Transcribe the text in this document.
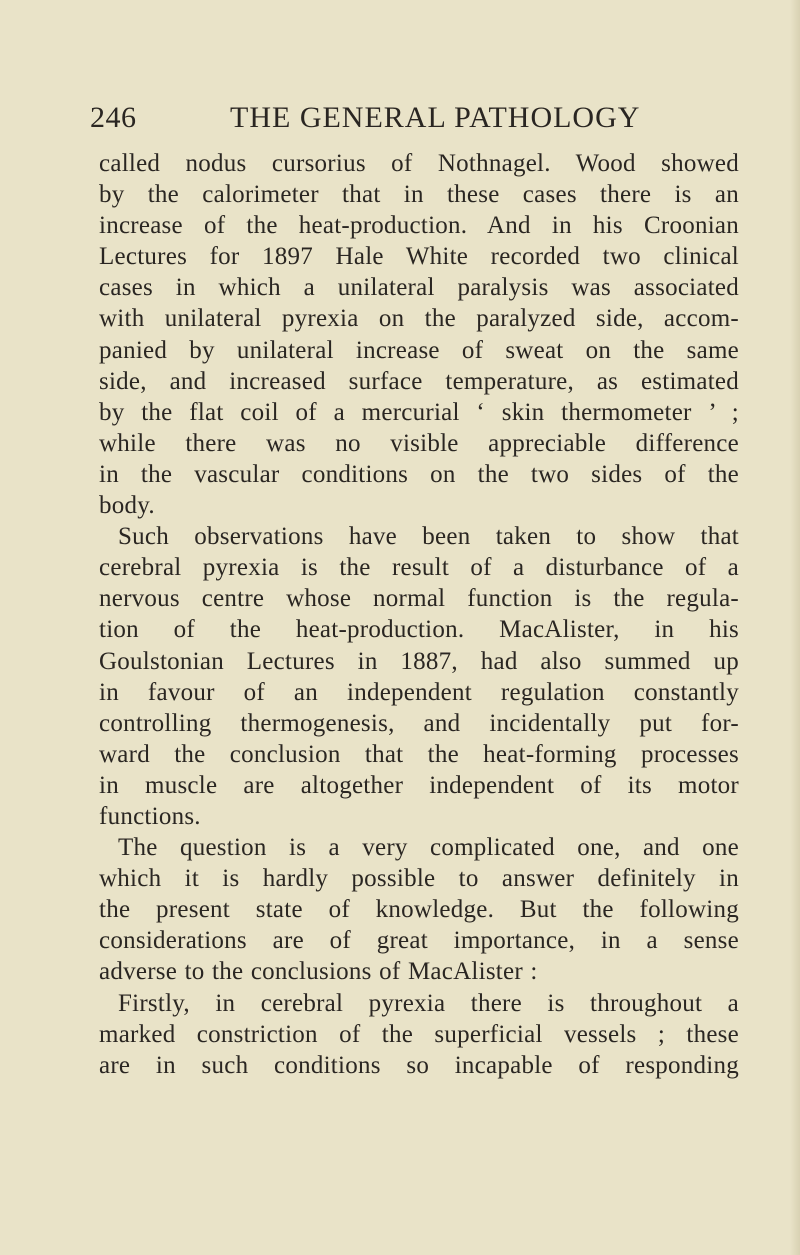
246	THE GENERAL PATHOLOGY
called nodus cursorius of Nothnagel. Wood showed
by the calorimeter that in these cases there is an
increase of the heat-production. And in his Croonian
Lectures for 1897 Hale White recorded two clinical
cases in which a unilateral paralysis was associated
with unilateral pyrexia on the paralyzed side, accom-
panied by unilateral increase of sweat on the same
side, and increased surface temperature, as estimated
by the flat coil of a mercurial ‘ skin thermometer ’ ;
while there was no visible appreciable difference
in the vascular conditions on the two sides of the
body.
Such observations have been taken to show that
cerebral pyrexia is the result of a disturbance of a
nervous centre whose normal function is the regula-
tion of the heat-production. MacAlister, in his
Goulstonian Lectures in 1887, had also summed up
in favour of an independent regulation constantly
controlling thermogenesis, and incidentally put for-
ward the conclusion that the heat-forming processes
in muscle are altogether independent of its motor
functions.
The question is a very complicated one, and one
which it is hardly possible to answer definitely in
the present state of knowledge. But the following
considerations are of great importance, in a sense
adverse to the conclusions of MacAlister :
Firstly, in cerebral pyrexia there is throughout a
marked constriction of the superficial vessels ; these
are in such conditions so incapable of responding
